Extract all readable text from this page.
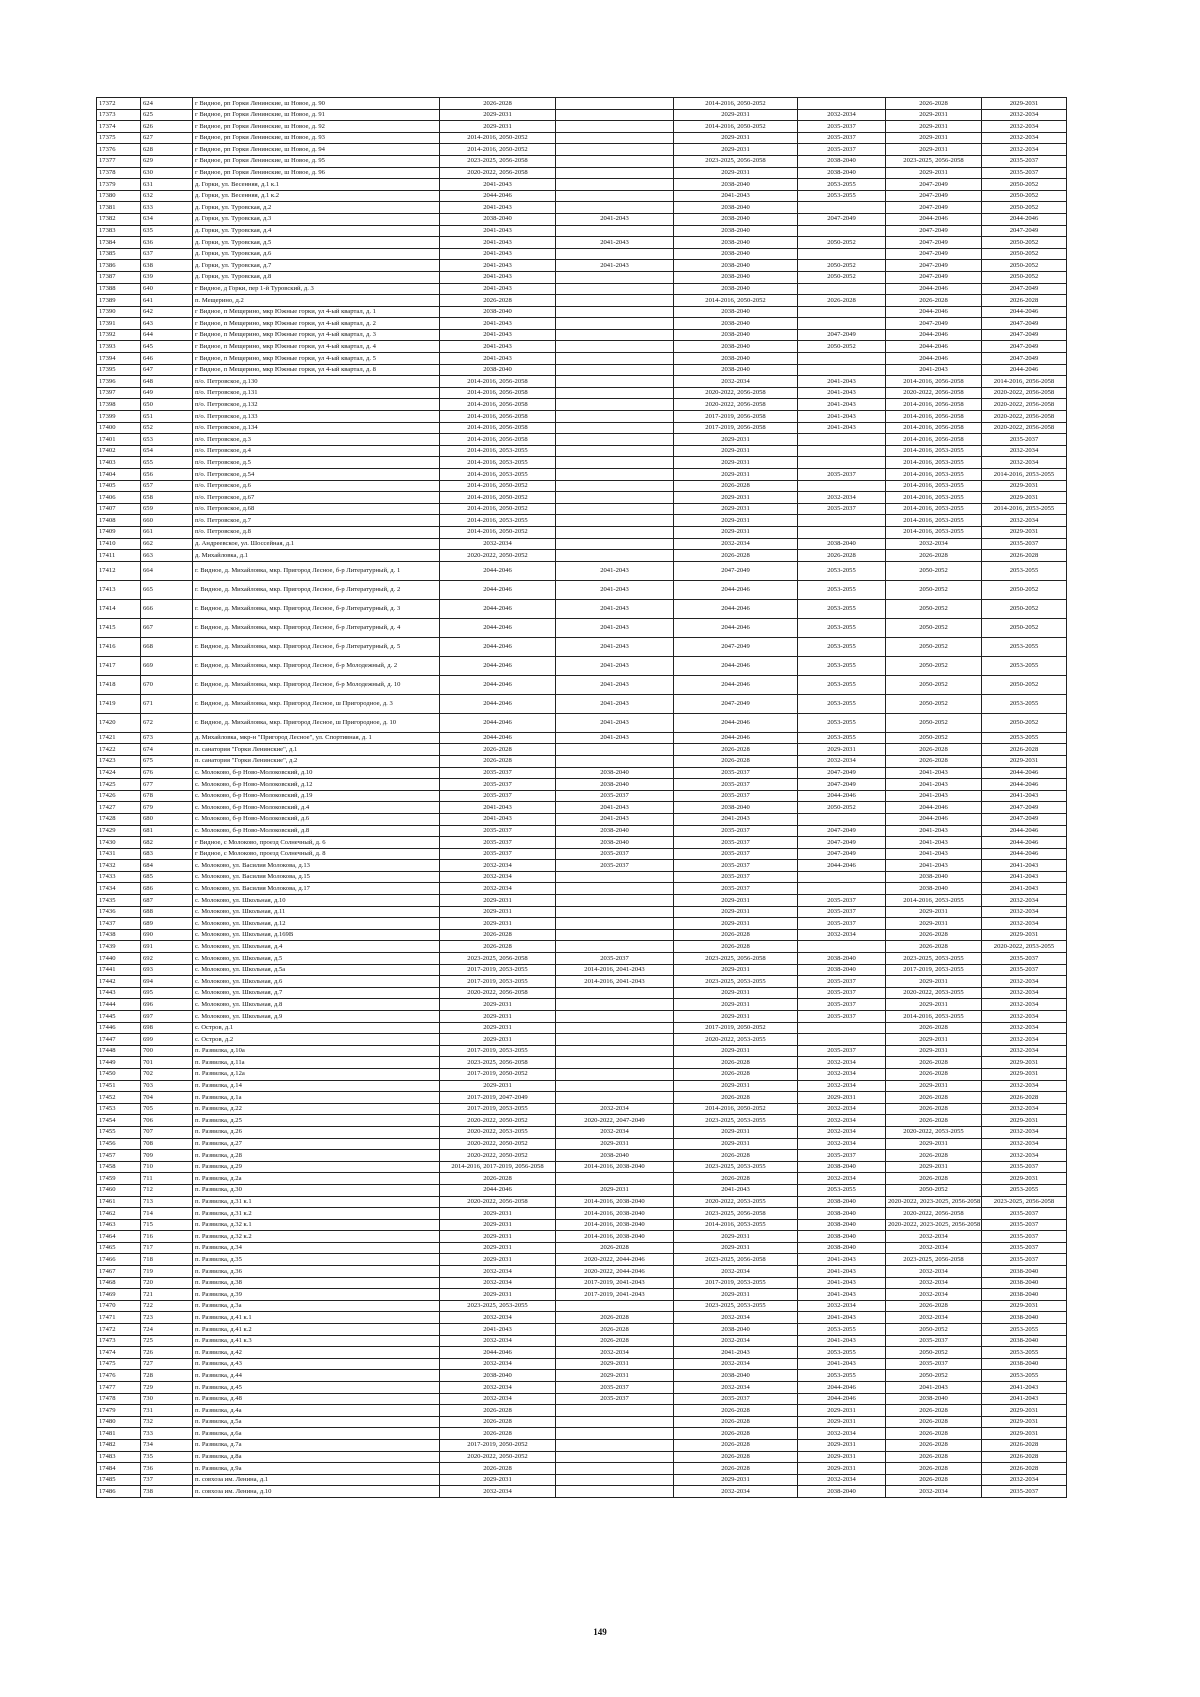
17372	624	г Видное, рп Горки Ленинские, ш Новое, д. 90	2026-2028		2014-2016, 2050-2052		2026-2028	2029-2031
17373	625	г Видное, рп Горки Ленинские, ш Новое, д. 91	2029-2031		2029-2031	2032-2034	2029-2031	2032-2034
17374	626	г Видное, рп Горки Ленинские, ш Новое, д. 92	2029-2031		2014-2016, 2050-2052	2035-2037	2029-2031	2032-2034
17375	627	г Видное, рп Горки Ленинские, ш Новое, д. 93	2014-2016, 2050-2052		2029-2031	2035-2037	2029-2031	2032-2034
17376	628	г Видное, рп Горки Ленинские, ш Новое, д. 94	2014-2016, 2050-2052		2029-2031	2035-2037	2029-2031	2032-2034
17377	629	г Видное, рп Горки Ленинские, ш Новое, д. 95	2023-2025, 2056-2058		2023-2025, 2056-2058	2038-2040	2023-2025, 2056-2058	2035-2037
17378	630	г Видное, рп Горки Ленинские, ш Новое, д. 96	2020-2022, 2056-2058		2029-2031	2038-2040	2029-2031	2035-2037
17379	631	д. Горки, ул. Весенняя, д.1 к.1	2041-2043		2038-2040	2053-2055	2047-2049	2050-2052
17380	632	д. Горки, ул. Весенняя, д.1 к.2	2044-2046		2041-2043	2053-2055	2047-2049	2050-2052
17381	633	д. Горки, ул. Туровская, д.2	2041-2043		2038-2040		2047-2049	2050-2052
17382	634	д. Горки, ул. Туровская, д.3	2038-2040	2041-2043	2038-2040	2047-2049	2044-2046	2044-2046
17383	635	д. Горки, ул. Туровская, д.4	2041-2043		2038-2040		2047-2049	2047-2049
17384	636	д. Горки, ул. Туровская, д.5	2041-2043	2041-2043	2038-2040	2050-2052	2047-2049	2050-2052
17385	637	д. Горки, ул. Туровская, д.6	2041-2043		2038-2040		2047-2049	2050-2052
17386	638	д. Горки, ул. Туровская, д.7	2041-2043	2041-2043	2038-2040	2050-2052	2047-2049	2050-2052
17387	639	д. Горки, ул. Туровская, д.8	2041-2043		2038-2040	2050-2052	2047-2049	2050-2052
17388	640	г Видное, д Горки, пер 1-й Туровский, д. 3	2041-2043		2038-2040		2044-2046	2047-2049
17389	641	п. Мещерино, д.2	2026-2028		2014-2016, 2050-2052	2026-2028	2026-2028	2026-2028
17390	642	г Видное, п Мещерино, мкр Южные горки, ул 4-ый квартал, д. 1	2038-2040		2038-2040		2044-2046	2044-2046
17391	643	г Видное, п Мещерино, мкр Южные горки, ул 4-ый квартал, д. 2	2041-2043		2038-2040		2047-2049	2047-2049
17392	644	г Видное, п Мещерино, мкр Южные горки, ул 4-ый квартал, д. 3	2041-2043		2038-2040	2047-2049	2044-2046	2047-2049
17393	645	г Видное, п Мещерино, мкр Южные горки, ул 4-ый квартал, д. 4	2041-2043		2038-2040	2050-2052	2044-2046	2047-2049
17394	646	г Видное, п Мещерино, мкр Южные горки, ул 4-ый квартал, д. 5	2041-2043		2038-2040		2044-2046	2047-2049
17395	647	г Видное, п Мещерино, мкр Южные горки, ул 4-ый квартал, д. 8	2038-2040		2038-2040		2041-2043	2044-2046
17396	648	п/о. Петровское, д.130	2014-2016, 2056-2058		2032-2034	2041-2043	2014-2016, 2056-2058	2014-2016, 2056-2058
17397	649	п/о. Петровское, д.131	2014-2016, 2056-2058		2020-2022, 2056-2058	2041-2043	2020-2022, 2056-2058	2020-2022, 2056-2058
17398	650	п/о. Петровское, д.132	2014-2016, 2056-2058		2020-2022, 2056-2058	2041-2043	2014-2016, 2056-2058	2020-2022, 2056-2058
17399	651	п/о. Петровское, д.133	2014-2016, 2056-2058		2017-2019, 2056-2058	2041-2043	2014-2016, 2056-2058	2020-2022, 2056-2058
17400	652	п/о. Петровское, д.134	2014-2016, 2056-2058		2017-2019, 2056-2058	2041-2043	2014-2016, 2056-2058	2020-2022, 2056-2058
17401	653	п/о. Петровское, д.3	2014-2016, 2056-2058		2029-2031		2014-2016, 2056-2058	2035-2037
17402	654	п/о. Петровское, д.4	2014-2016, 2053-2055		2029-2031		2014-2016, 2053-2055	2032-2034
17403	655	п/о. Петровское, д.5	2014-2016, 2053-2055		2029-2031		2014-2016, 2053-2055	2032-2034
17404	656	п/о. Петровское, д.54	2014-2016, 2053-2055		2029-2031	2035-2037	2014-2016, 2053-2055	2014-2016, 2053-2055
17405	657	п/о. Петровское, д.6	2014-2016, 2050-2052		2026-2028		2014-2016, 2053-2055	2029-2031
17406	658	п/о. Петровское, д.67	2014-2016, 2050-2052		2029-2031	2032-2034	2014-2016, 2053-2055	2029-2031
17407	659	п/о. Петровское, д.68	2014-2016, 2050-2052		2029-2031	2035-2037	2014-2016, 2053-2055	2014-2016, 2053-2055
17408	660	п/о. Петровское, д.7	2014-2016, 2053-2055		2029-2031		2014-2016, 2053-2055	2032-2034
17409	661	п/о. Петровское, д.8	2014-2016, 2050-2052		2029-2031		2014-2016, 2053-2055	2029-2031
17410	662	д. Андреевское, ул. Шоссейная, д.1	2032-2034		2032-2034	2038-2040	2032-2034	2035-2037
17411	663	д. Михайловка, д.1	2020-2022, 2050-2052		2026-2028	2026-2028	2026-2028	2026-2028
17412	664	г. Видное, д. Михайловка, мкр. Пригород Лесное, б-р Литературный, д. 1	2044-2046	2041-2043	2047-2049	2053-2055	2050-2052	2053-2055
17413	665	г. Видное, д. Михайловка, мкр. Пригород Лесное, б-р Литературный, д. 2	2044-2046	2041-2043	2044-2046	2053-2055	2050-2052	2050-2052
17414	666	г. Видное, д. Михайловка, мкр. Пригород Лесное, б-р Литературный, д. 3	2044-2046	2041-2043	2044-2046	2053-2055	2050-2052	2050-2052
17415	667	г. Видное, д. Михайловка, мкр. Пригород Лесное, б-р Литературный, д. 4	2044-2046	2041-2043	2044-2046	2053-2055	2050-2052	2050-2052
17416	668	г. Видное, д. Михайловка, мкр. Пригород Лесное, б-р Литературный, д. 5	2044-2046	2041-2043	2047-2049	2053-2055	2050-2052	2053-2055
17417	669	г. Видное, д. Михайловка, мкр. Пригород Лесное, б-р Молодежный, д. 2	2044-2046	2041-2043	2044-2046	2053-2055	2050-2052	2053-2055
17418	670	г. Видное, д. Михайловка, мкр. Пригород Лесное, б-р Молодежный, д. 10	2044-2046	2041-2043	2044-2046	2053-2055	2050-2052	2050-2052
17419	671	г. Видное, д. Михайловка, мкр. Пригород Лесное, ш Пригородное, д. 3	2044-2046	2041-2043	2047-2049	2053-2055	2050-2052	2053-2055
17420	672	г. Видное, д. Михайловка, мкр. Пригород Лесное, ш Пригородное, д. 10	2044-2046	2041-2043	2044-2046	2053-2055	2050-2052	2050-2052
17421	673	д. Михайловка, мкр-н "Пригород Лесное", ул. Спортивная, д. 1	2044-2046	2041-2043	2044-2046	2053-2055	2050-2052	2053-2055
17422	674	п. санатория "Горки Ленинские", д.1	2026-2028		2026-2028	2029-2031	2026-2028	2026-2028
17423	675	п. санатория "Горки Ленинские", д.2	2026-2028		2026-2028	2032-2034	2026-2028	2029-2031
17424	676	с. Молоково, б-р Ново-Молоковский, д.10	2035-2037	2038-2040	2035-2037	2047-2049	2041-2043	2044-2046
17425	677	с. Молоково, б-р Ново-Молоковский, д.12	2035-2037	2038-2040	2035-2037	2047-2049	2041-2043	2044-2046
17426	678	с. Молоково, б-р Ново-Молоковский, д.19	2035-2037	2035-2037	2035-2037	2044-2046	2041-2043	2041-2043
17427	679	с. Молоково, б-р Ново-Молоковский, д.4	2041-2043	2041-2043	2038-2040	2050-2052	2044-2046	2047-2049
17428	680	с. Молоково, б-р Ново-Молоковский, д.6	2041-2043	2041-2043	2041-2043		2044-2046	2047-2049
17429	681	с. Молоково, б-р Ново-Молоковский, д.8	2035-2037	2038-2040	2035-2037	2047-2049	2041-2043	2044-2046
17430	682	г Видное, с Молоково, проезд Солнечный, д. 6	2035-2037	2038-2040	2035-2037	2047-2049	2041-2043	2044-2046
17431	683	г Видное, с Молоково, проезд Солнечный, д. 8	2035-2037	2035-2037	2035-2037	2047-2049	2041-2043	2044-2046
17432	684	с. Молоково, ул. Василия Молокова, д.13	2032-2034	2035-2037	2035-2037	2044-2046	2041-2043	2041-2043
17433	685	с. Молоково, ул. Василия Молокова, д.15	2032-2034		2035-2037		2038-2040	2041-2043
17434	686	с. Молоково, ул. Василия Молокова, д.17	2032-2034		2035-2037		2038-2040	2041-2043
17435	687	с. Молоково, ул. Школьная, д.10	2029-2031		2029-2031	2035-2037	2014-2016, 2053-2055	2032-2034
17436	688	с. Молоково, ул. Школьная, д.11	2029-2031		2029-2031	2035-2037	2029-2031	2032-2034
17437	689	с. Молоково, ул. Школьная, д.12	2029-2031		2029-2031	2035-2037	2029-2031	2032-2034
17438	690	с. Молоково, ул. Школьная, д.169В	2026-2028		2026-2028	2032-2034	2026-2028	2029-2031
17439	691	с. Молоково, ул. Школьная, д.4	2026-2028		2026-2028		2026-2028	2020-2022, 2053-2055
17440	692	с. Молоково, ул. Школьная, д.5	2023-2025, 2056-2058	2035-2037	2023-2025, 2056-2058	2038-2040	2023-2025, 2053-2055	2035-2037
17441	693	с. Молоково, ул. Школьная, д.5а	2017-2019, 2053-2055	2014-2016, 2041-2043	2029-2031	2038-2040	2017-2019, 2053-2055	2035-2037
17442	694	с. Молоково, ул. Школьная, д.6	2017-2019, 2053-2055	2014-2016, 2041-2043	2023-2025, 2053-2055	2035-2037	2029-2031	2032-2034
17443	695	с. Молоково, ул. Школьная, д.7	2020-2022, 2056-2058		2029-2031	2035-2037	2020-2022, 2053-2055	2032-2034
17444	696	с. Молоково, ул. Школьная, д.8	2029-2031		2029-2031	2035-2037	2029-2031	2032-2034
17445	697	с. Молоково, ул. Школьная, д.9	2029-2031		2029-2031	2035-2037	2014-2016, 2053-2055	2032-2034
17446	698	с. Остров, д.1	2029-2031		2017-2019, 2050-2052		2026-2028	2032-2034
17447	699	с. Остров, д.2	2029-2031		2020-2022, 2053-2055		2029-2031	2032-2034
17448	700	п. Развилка, д.10а	2017-2019, 2053-2055		2029-2031	2035-2037	2029-2031	2032-2034
17449	701	п. Развилка, д.11а	2023-2025, 2056-2058		2026-2028	2032-2034	2026-2028	2029-2031
17450	702	п. Развилка, д.12а	2017-2019, 2050-2052		2026-2028	2032-2034	2026-2028	2029-2031
17451	703	п. Развилка, д.14	2029-2031		2029-2031	2032-2034	2029-2031	2032-2034
17452	704	п. Развилка, д.1а	2017-2019, 2047-2049		2026-2028	2029-2031	2026-2028	2026-2028
17453	705	п. Развилка, д.22	2017-2019, 2053-2055	2032-2034	2014-2016, 2050-2052	2032-2034	2026-2028	2032-2034
17454	706	п. Развилка, д.25	2020-2022, 2050-2052	2020-2022, 2047-2049	2023-2025, 2053-2055	2032-2034	2026-2028	2029-2031
17455	707	п. Развилка, д.26	2020-2022, 2053-2055	2032-2034	2029-2031	2032-2034	2020-2022, 2053-2055	2032-2034
17456	708	п. Развилка, д.27	2020-2022, 2050-2052	2029-2031	2029-2031	2032-2034	2029-2031	2032-2034
17457	709	п. Развилка, д.28	2020-2022, 2050-2052	2038-2040	2026-2028	2035-2037	2026-2028	2032-2034
17458	710	п. Развилка, д.29	2014-2016, 2017-2019, 2056-2058	2014-2016, 2038-2040	2023-2025, 2053-2055	2038-2040	2029-2031	2035-2037
17459	711	п. Развилка, д.2а	2026-2028		2026-2028	2032-2034	2026-2028	2029-2031
17460	712	п. Развилка, д.30	2044-2046	2029-2031	2041-2043	2053-2055	2050-2052	2053-2055
17461	713	п. Развилка, д.31 к.1	2020-2022, 2056-2058	2014-2016, 2038-2040	2020-2022, 2053-2055	2038-2040	2020-2022, 2023-2025, 2056-2058	2023-2025, 2056-2058
17462	714	п. Развилка, д.31 к.2	2029-2031	2014-2016, 2038-2040	2023-2025, 2056-2058	2038-2040	2020-2022, 2056-2058	2035-2037
17463	715	п. Развилка, д.32 к.1	2029-2031	2014-2016, 2038-2040	2014-2016, 2053-2055	2038-2040	2020-2022, 2023-2025, 2056-2058	2035-2037
17464	716	п. Развилка, д.32 к.2	2029-2031	2014-2016, 2038-2040	2029-2031	2038-2040	2032-2034	2035-2037
17465	717	п. Развилка, д.34	2029-2031	2026-2028	2029-2031	2038-2040	2032-2034	2035-2037
17466	718	п. Развилка, д.35	2029-2031	2020-2022, 2044-2046	2023-2025, 2056-2058	2041-2043	2023-2025, 2056-2058	2035-2037
17467	719	п. Развилка, д.36	2032-2034	2020-2022, 2044-2046	2032-2034	2041-2043	2032-2034	2038-2040
17468	720	п. Развилка, д.38	2032-2034	2017-2019, 2041-2043	2017-2019, 2053-2055	2041-2043	2032-2034	2038-2040
17469	721	п. Развилка, д.39	2029-2031	2017-2019, 2041-2043	2029-2031	2041-2043	2032-2034	2038-2040
17470	722	п. Развилка, д.3а	2023-2025, 2053-2055		2023-2025, 2053-2055	2032-2034	2026-2028	2029-2031
17471	723	п. Развилка, д.41 к.1	2032-2034	2026-2028	2032-2034	2041-2043	2032-2034	2038-2040
17472	724	п. Развилка, д.41 к.2	2041-2043	2026-2028	2038-2040	2053-2055	2050-2052	2053-2055
17473	725	п. Развилка, д.41 к.3	2032-2034	2026-2028	2032-2034	2041-2043	2035-2037	2038-2040
17474	726	п. Развилка, д.42	2044-2046	2032-2034	2041-2043	2053-2055	2050-2052	2053-2055
17475	727	п. Развилка, д.43	2032-2034	2029-2031	2032-2034	2041-2043	2035-2037	2038-2040
17476	728	п. Развилка, д.44	2038-2040	2029-2031	2038-2040	2053-2055	2050-2052	2053-2055
17477	729	п. Развилка, д.45	2032-2034	2035-2037	2032-2034	2044-2046	2041-2043	2041-2043
17478	730	п. Развилка, д.48	2032-2034	2035-2037	2035-2037	2044-2046	2038-2040	2041-2043
17479	731	п. Развилка, д.4а	2026-2028		2026-2028	2029-2031	2026-2028	2029-2031
17480	732	п. Развилка, д.5а	2026-2028		2026-2028	2029-2031	2026-2028	2029-2031
17481	733	п. Развилка, д.6а	2026-2028		2026-2028	2032-2034	2026-2028	2029-2031
17482	734	п. Развилка, д.7а	2017-2019, 2050-2052		2026-2028	2029-2031	2026-2028	2026-2028
17483	735	п. Развилка, д.8а	2020-2022, 2050-2052		2026-2028	2029-2031	2026-2028	2026-2028
17484	736	п. Развилка, д.9а	2026-2028		2026-2028	2029-2031	2026-2028	2026-2028
17485	737	п. совхоза им. Ленина, д.1	2029-2031		2029-2031	2032-2034	2026-2028	2032-2034
17486	738	п. совхоза им. Ленина, д.10	2032-2034		2032-2034	2038-2040	2032-2034	2035-2037
149
